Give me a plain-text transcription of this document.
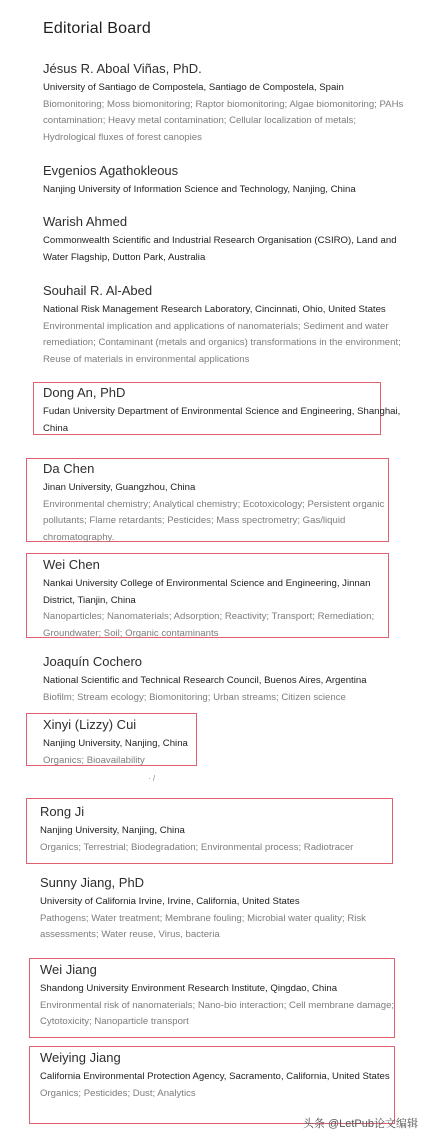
Editorial Board
Jésus R. Aboal Viñas, PhD.
University of Santiago de Compostela, Santiago de Compostela, Spain
Biomonitoring; Moss biomonitoring; Raptor biomonitoring; Algae biomonitoring; PAHs contamination; Heavy metal contamination; Cellular localization of metals; Hydrological fluxes of forest canopies
Evgenios Agathokleous
Nanjing University of Information Science and Technology, Nanjing, China
Warish Ahmed
Commonwealth Scientific and Industrial Research Organisation (CSIRO), Land and Water Flagship, Dutton Park, Australia
Souhail R. Al-Abed
National Risk Management Research Laboratory, Cincinnati, Ohio, United States
Environmental implication and applications of nanomaterials; Sediment and water remediation; Contaminant (metals and organics) transformations in the environment; Reuse of materials in environmental applications
Dong An, PhD
Fudan University Department of Environmental Science and Engineering, Shanghai, China
Da Chen
Jinan University, Guangzhou, China
Environmental chemistry; Analytical chemistry; Ecotoxicology; Persistent organic pollutants; Flame retardants; Pesticides; Mass spectrometry; Gas/liquid chromatography.
Wei Chen
Nankai University College of Environmental Science and Engineering, Jinnan District, Tianjin, China
Nanoparticles; Nanomaterials; Adsorption; Reactivity; Transport; Remediation; Groundwater; Soil; Organic contaminants
Joaquín Cochero
National Scientific and Technical Research Council, Buenos Aires, Argentina
Biofilm; Stream ecology; Biomonitoring; Urban streams; Citizen science
Xinyi (Lizzy) Cui
Nanjing University, Nanjing, China
Organics; Bioavailability
· /
Rong Ji
Nanjing University, Nanjing, China
Organics; Terrestrial; Biodegradation; Environmental process; Radiotracer
Sunny Jiang, PhD
University of California Irvine, Irvine, California, United States
Pathogens; Water treatment; Membrane fouling; Microbial water quality; Risk assessments; Water reuse, Virus, bacteria
Wei Jiang
Shandong University Environment Research Institute, Qingdao, China
Environmental risk of nanomaterials; Nano-bio interaction; Cell membrane damage; Cytotoxicity; Nanoparticle transport
Weiying Jiang
California Environmental Protection Agency, Sacramento, California, United States
Organics; Pesticides; Dust; Analytics
头条 @LetPub论文编辑
